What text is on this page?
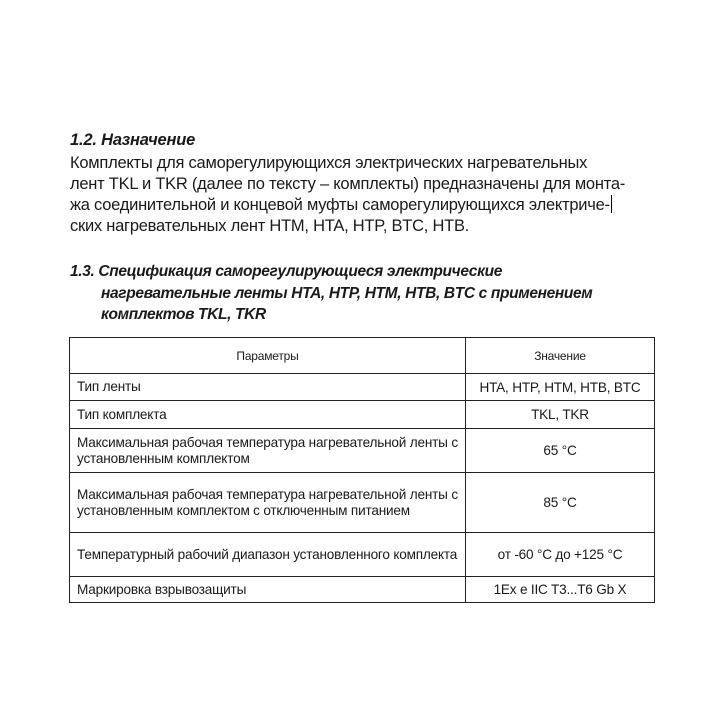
1.2. Назначение
Комплекты для саморегулирующихся электрических нагревательных
лент TKL и TKR (далее по тексту – комплекты) предназначены для монта-
жа соединительной и концевой муфты саморегулирующихся электриче-
ских нагревательных лент HTM, HTA, HTP, BTC, HTB.
1.3. Спецификация саморегулирующиеся электрические
нагревательные ленты HTA, HTP, HTM, HTB, BTC с применением
комплектов TKL, TKR
Параметры	Значение
Тип ленты	HTA, HTP, HTM, HTB, BTC
Тип комплекта	TKL, TKR
Максимальная рабочая температура нагревательной ленты с установленным комплектом	65 °C
Максимальная рабочая температура нагревательной ленты с установленным комплектом с отключенным питанием	85 °C
Температурный рабочий диапазон установленного комплекта	от -60 °C до +125 °C
Маркировка взрывозащиты	1Ex e IIC T3...T6 Gb X
